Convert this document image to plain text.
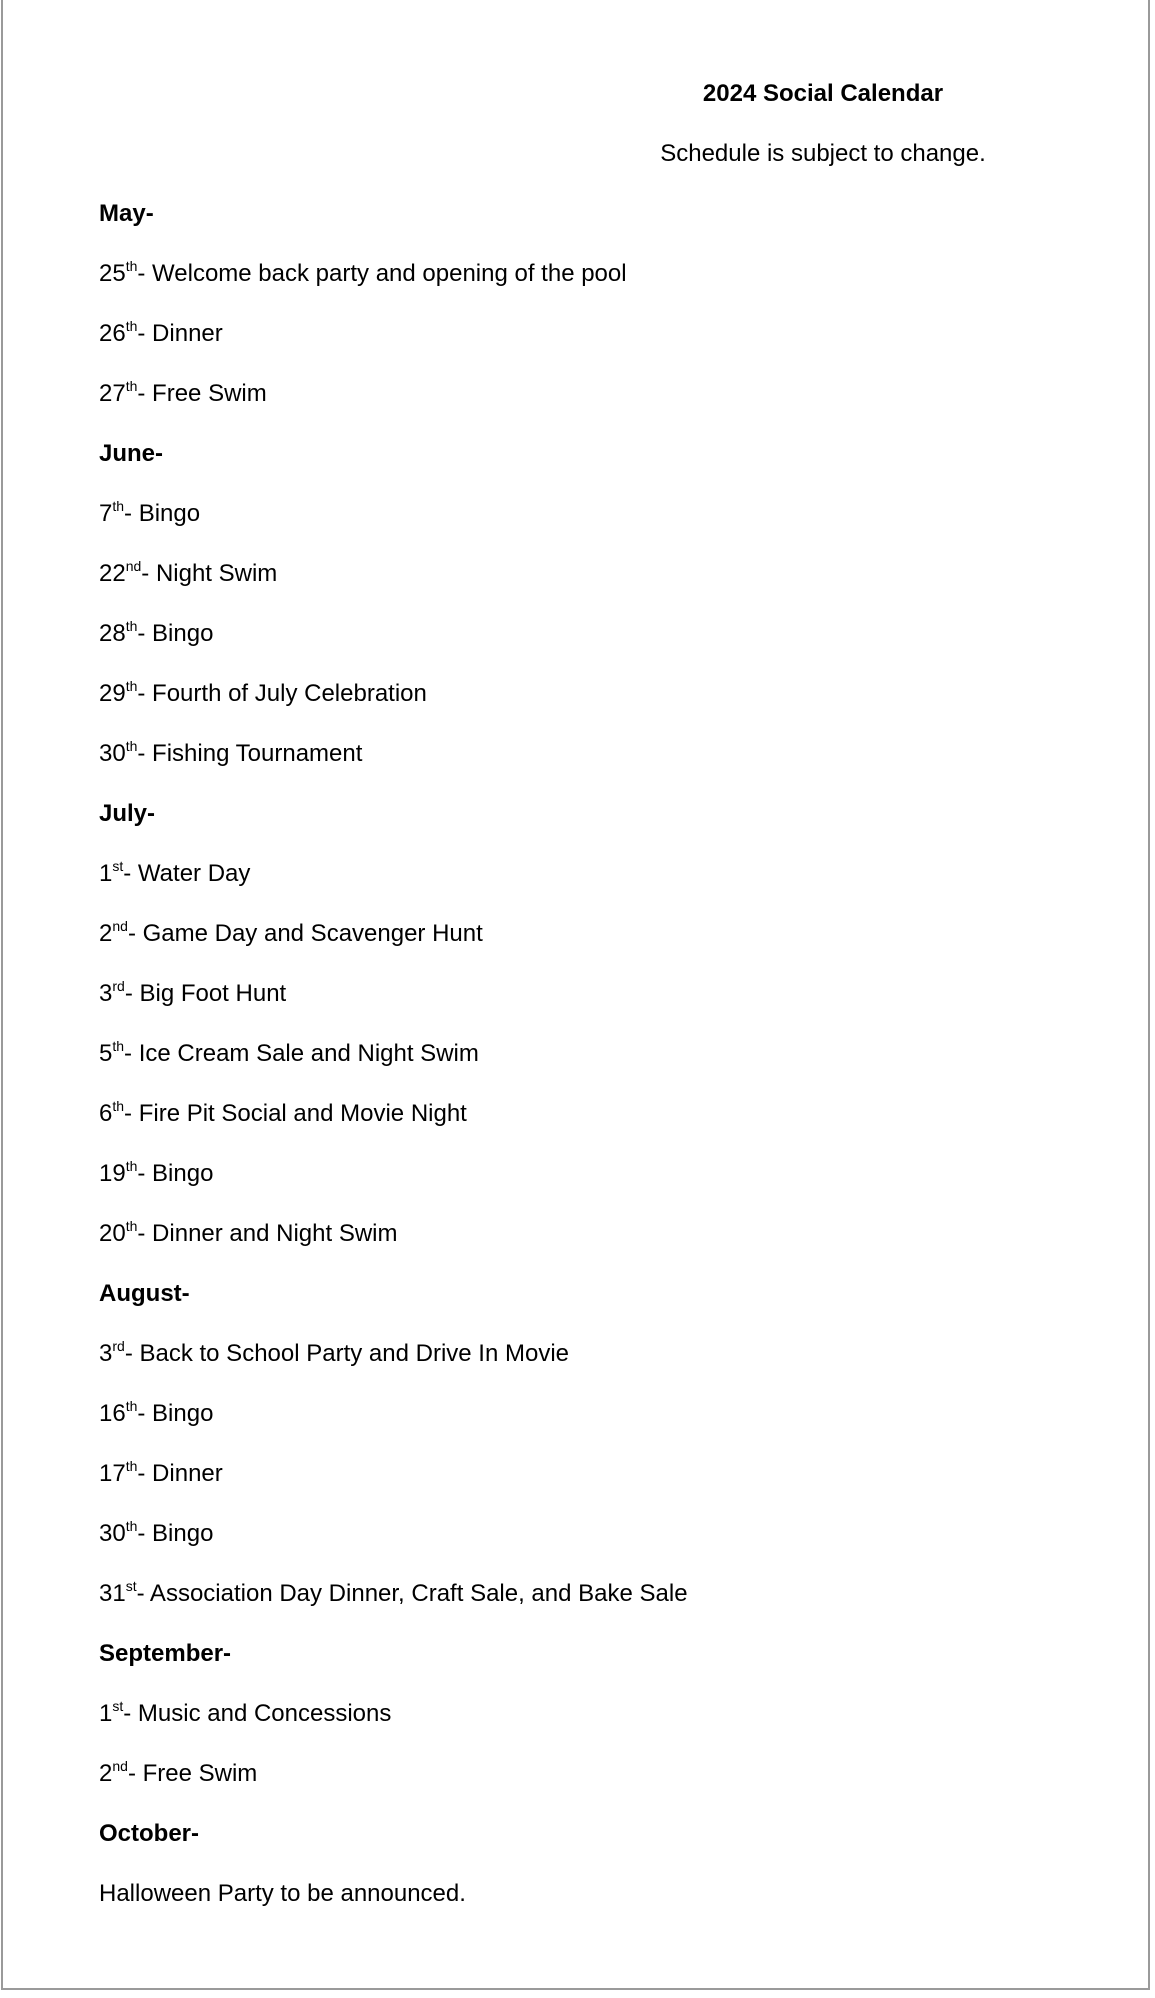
2024 Social Calendar
Schedule is subject to change.
May-
25th- Welcome back party and opening of the pool
26th- Dinner
27th- Free Swim
June-
7th- Bingo
22nd- Night Swim
28th- Bingo
29th- Fourth of July Celebration
30th- Fishing Tournament
July-
1st- Water Day
2nd- Game Day and Scavenger Hunt
3rd- Big Foot Hunt
5th- Ice Cream Sale and Night Swim
6th- Fire Pit Social and Movie Night
19th- Bingo
20th- Dinner and Night Swim
August-
3rd- Back to School Party and Drive In Movie
16th- Bingo
17th- Dinner
30th- Bingo
31st- Association Day Dinner, Craft Sale, and Bake Sale
September-
1st- Music and Concessions
2nd- Free Swim
October-
Halloween Party to be announced.
